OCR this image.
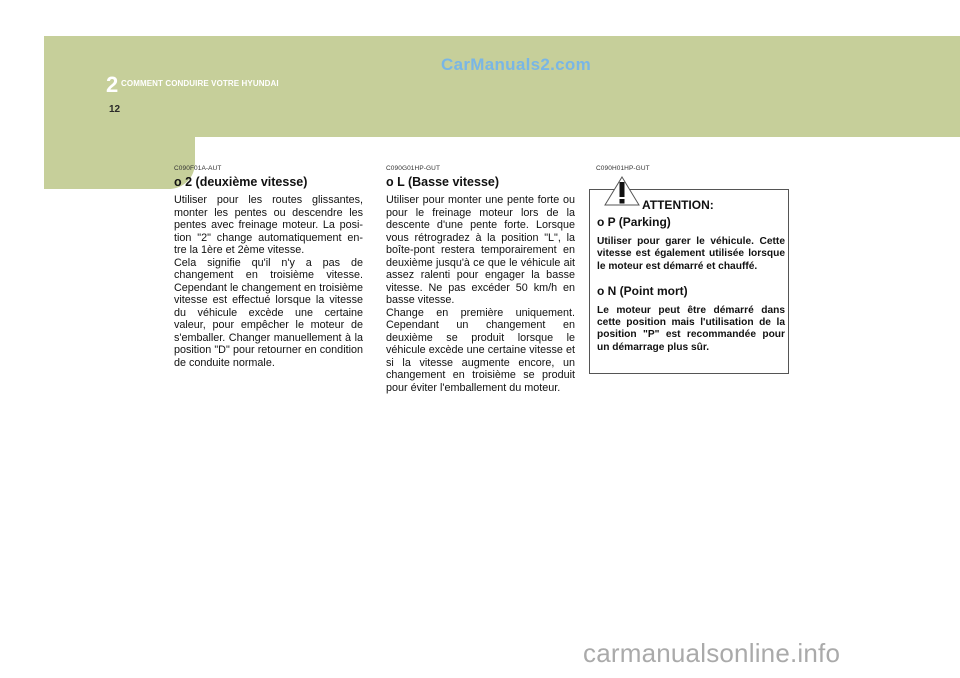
2 COMMENT CONDUIRE VOTRE HYUNDAI
12
CarManuals2.com
C090F01A-AUT
o 2 (deuxième vitesse)

Utiliser pour les routes glissantes, monter les pentes ou descendre les pentes avec freinage moteur. La posi-tion "2" change automatiquement en-tre la 1ère et 2ème vitesse.

Cela signifie qu'il n'y a pas de changement en troisième vitesse. Cependant le changement en troisième vitesse est effectué lorsque la vitesse du véhicule excède une certaine valeur, pour empêcher le moteur de s'emballer. Changer manuellement à la position "D" pour retourner en condition de conduite normale.

C090G01HP-GUT
o L (Basse vitesse)

Utiliser pour monter une pente forte ou pour le freinage moteur lors de la descente d'une pente forte. Lorsque vous rétrogradez à la position "L", la boîte-pont restera temporairement en deuxième jusqu'à ce que le véhicule ait assez ralenti pour engager la basse vitesse. Ne pas excéder 50 km/h en basse vitesse.

Change en première uniquement. Cependant un changement en deuxième se produit lorsque le véhicule excède une certaine vitesse et si la vitesse augmente encore, un changement en troisième se produit pour éviter l'emballement du moteur.

C090H01HP-GUT
ATTENTION:
o P (Parking)
Utiliser pour garer le véhicule. Cette vitesse est également utilisée lorsque le moteur est démarré et chauffé.
o N (Point mort)
Le moteur peut être démarré dans cette position mais l'utilisation de la position "P" est recommandée pour un démarrage plus sûr.
carmanualsonline.info
